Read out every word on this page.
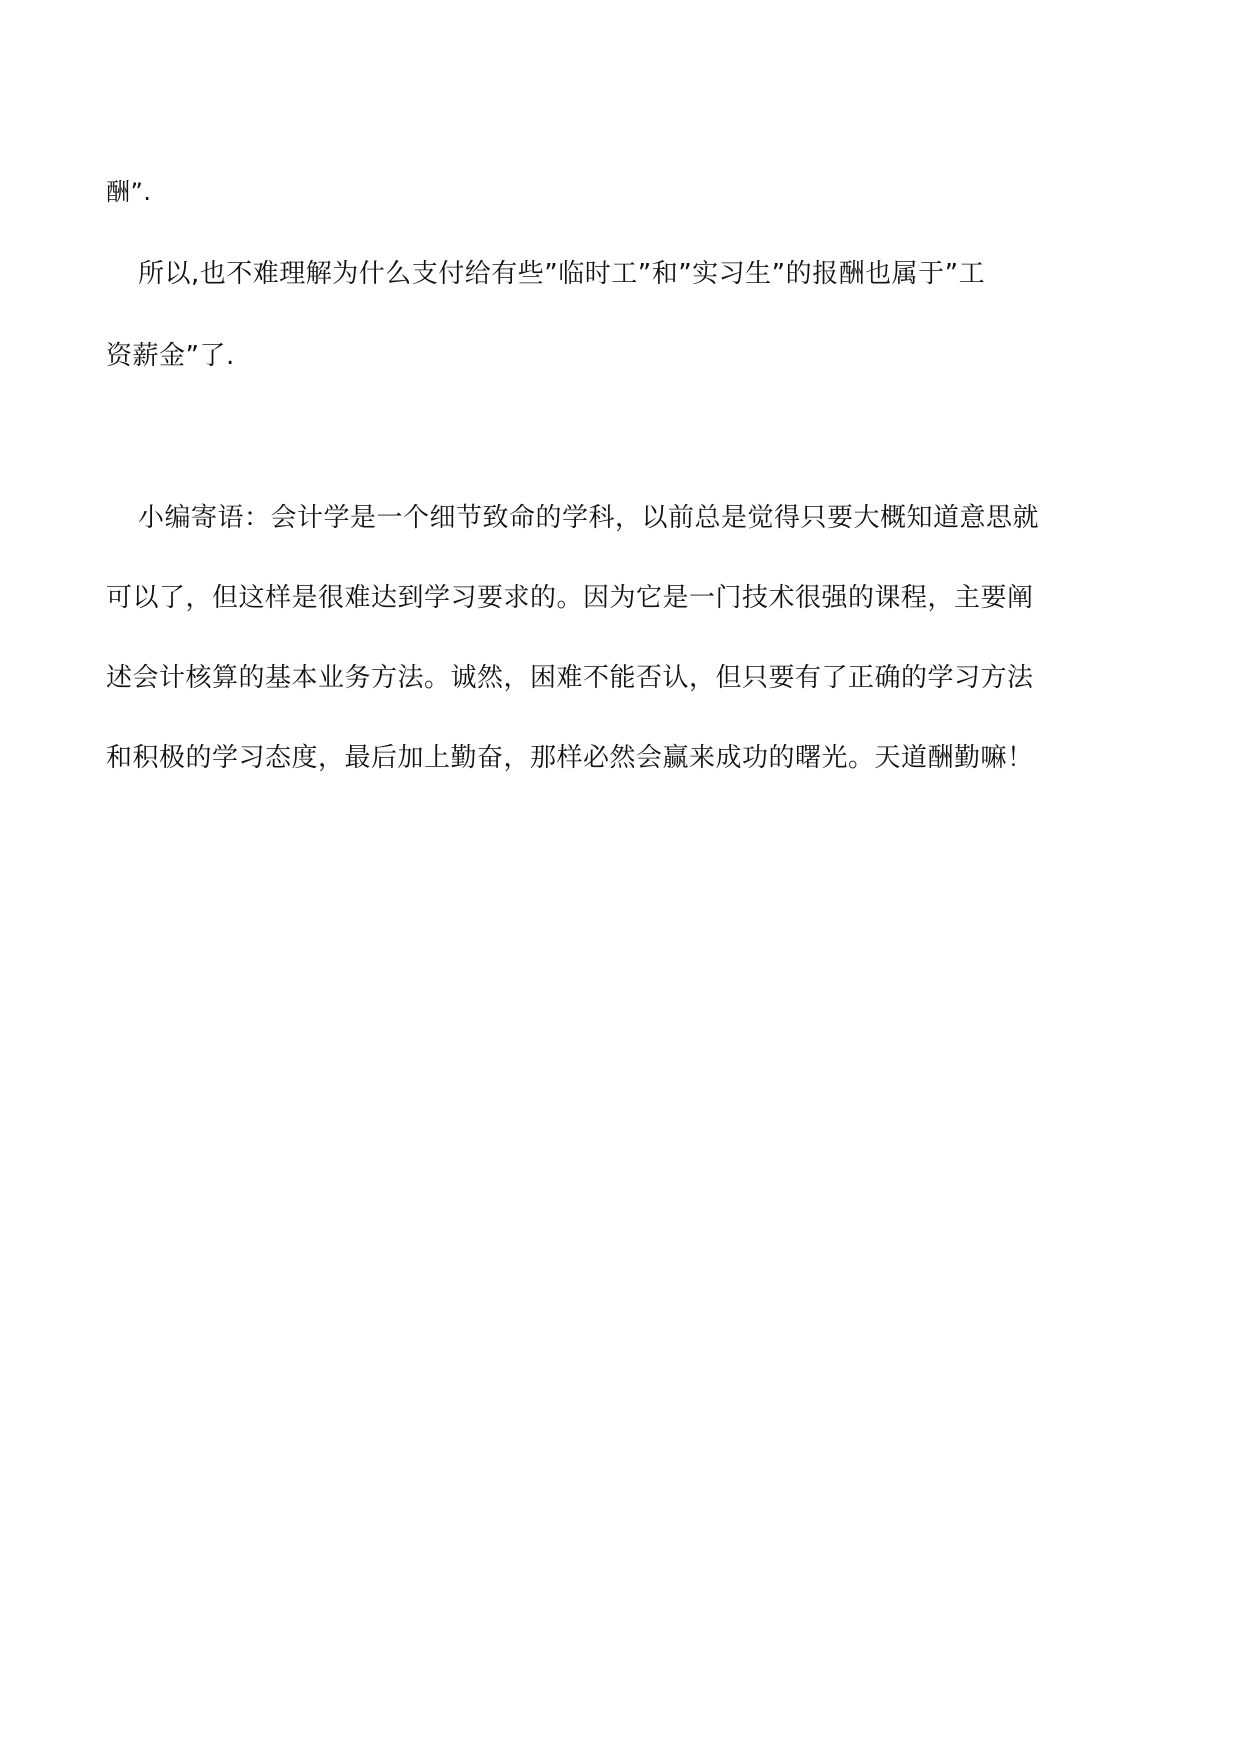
酬”.
所以,也不难理解为什么支付给有些”临时工”和”实习生”的报酬也属于”工
资薪金”了.
小编寄语：会计学是一个细节致命的学科，以前总是觉得只要大概知道意思就
可以了，但这样是很难达到学习要求的。因为它是一门技术很强的课程，主要阐
述会计核算的基本业务方法。诚然，困难不能否认，但只要有了正确的学习方法
和积极的学习态度，最后加上勤奋，那样必然会赢来成功的曙光。天道酬勤嘛！
